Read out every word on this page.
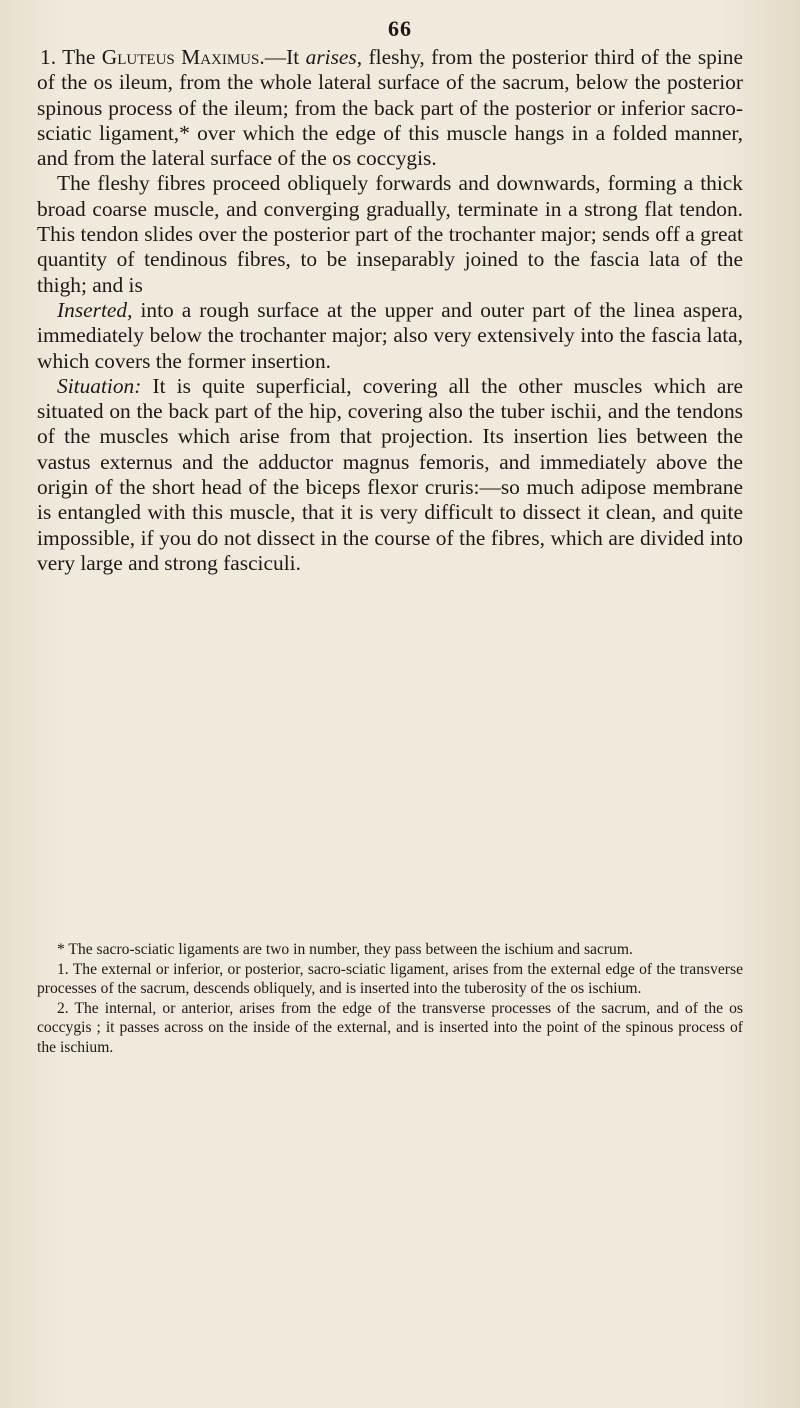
66

1. The Gluteus Maximus.—It arises, fleshy, from the posterior third of the spine of the os ileum, from the whole lateral surface of the sacrum, below the posterior spinous process of the ileum; from the back part of the posterior or inferior sacro-sciatic ligament,* over which the edge of this muscle hangs in a folded manner, and from the lateral surface of the os coccygis.

The fleshy fibres proceed obliquely forwards and downwards, forming a thick broad coarse muscle, and converging gradually, terminate in a strong flat tendon. This tendon slides over the posterior part of the trochanter major; sends off a great quantity of tendinous fibres, to be inseparably joined to the fascia lata of the thigh; and is

Inserted, into a rough surface at the upper and outer part of the linea aspera, immediately below the trochanter major; also very extensively into the fascia lata, which covers the former insertion.

Situation: It is quite superficial, covering all the other muscles which are situated on the back part of the hip, covering also the tuber ischii, and the tendons of the muscles which arise from that projection. Its insertion lies between the vastus externus and the adductor magnus femoris, and immediately above the origin of the short head of the biceps flexor cruris:—so much adipose membrane is entangled with this muscle, that it is very difficult to dissect it clean, and quite impossible, if you do not dissect in the course of the fibres, which are divided into very large and strong fasciculi.

* The sacro-sciatic ligaments are two in number, they pass between the ischium and sacrum.

1. The external or inferior, or posterior, sacro-sciatic ligament, arises from the external edge of the transverse processes of the sacrum, descends obliquely, and is inserted into the tuberosity of the os ischium.

2. The internal, or anterior, arises from the edge of the transverse processes of the sacrum, and of the os coccygis ; it passes across on the inside of the external, and is inserted into the point of the spinous process of the ischium.
